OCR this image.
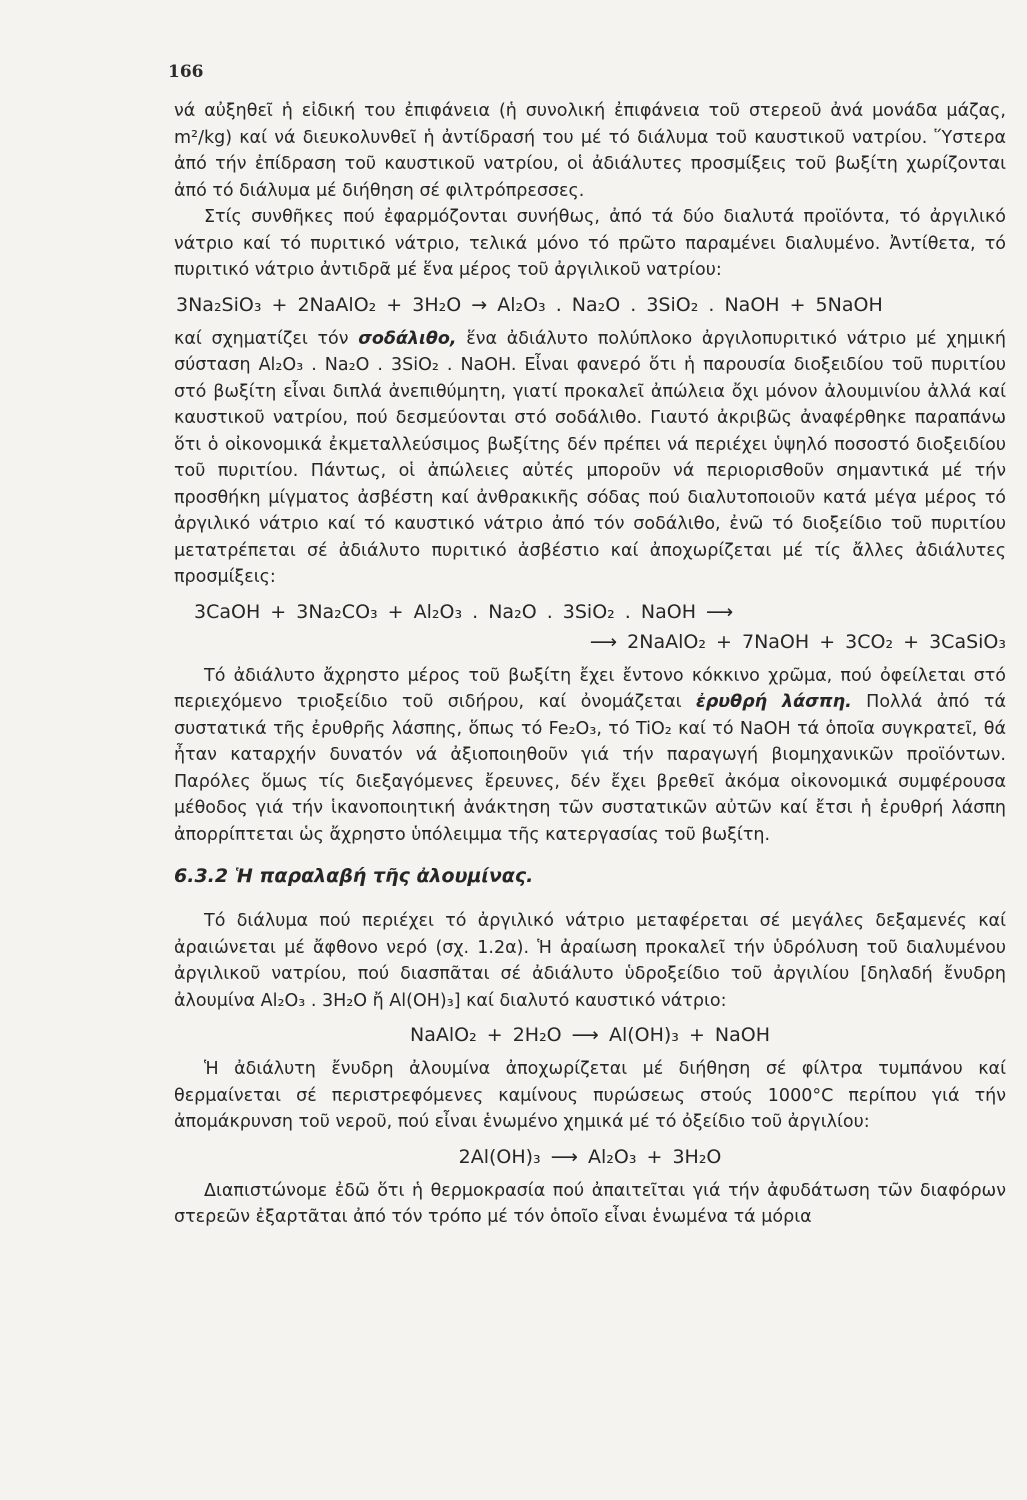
166

νά αὐξηθεῖ ἡ εἰδική του ἐπιφάνεια (ἡ συνολική ἐπιφάνεια τοῦ στερεοῦ ἀνά μονάδα μάζας, m²/kg) καί νά διευκολυνθεῖ ἡ ἀντίδρασή του μέ τό διάλυμα τοῦ καυστικοῦ νατρίου. Ὕστερα ἀπό τήν ἐπίδραση τοῦ καυστικοῦ νατρίου, οἱ ἀδιάλυτες προσμίξεις τοῦ βωξίτη χωρίζονται ἀπό τό διάλυμα μέ διήθηση σέ φιλτρόπρεσσες.

Στίς συνθῆκες πού ἐφαρμόζονται συνήθως, ἀπό τά δύο διαλυτά προϊόντα, τό ἀργιλικό νάτριο καί τό πυριτικό νάτριο, τελικά μόνο τό πρῶτο παραμένει διαλυμένο. Ἀντίθετα, τό πυριτικό νάτριο ἀντιδρᾶ μέ ἕνα μέρος τοῦ ἀργιλικοῦ νατρίου:

3Na₂SiO₃ + 2NaAlO₂ + 3H₂O → Al₂O₃ . Na₂O . 3SiO₂ . NaOH + 5NaOH

καί σχηματίζει τόν σοδάλιθο, ἕνα ἀδιάλυτο πολύπλοκο ἀργιλοπυριτικό νάτριο μέ χημική σύσταση Al₂O₃ . Na₂O . 3SiO₂ . NaOH. Εἶναι φανερό ὅτι ἡ παρουσία διοξειδίου τοῦ πυριτίου στό βωξίτη εἶναι διπλά ἀνεπιθύμητη, γιατί προκαλεῖ ἀπώλεια ὄχι μόνον ἀλουμινίου ἀλλά καί καυστικοῦ νατρίου, πού δεσμεύονται στό σοδάλιθο. Γιαυτό ἀκριβῶς ἀναφέρθηκε παραπάνω ὅτι ὁ οἰκονομικά ἐκμεταλλεύσιμος βωξίτης δέν πρέπει νά περιέχει ὑψηλό ποσοστό διοξειδίου τοῦ πυριτίου. Πάντως, οἱ ἀπώλειες αὐτές μποροῦν νά περιορισθοῦν σημαντικά μέ τήν προσθήκη μίγματος ἀσβέστη καί ἀνθρακικῆς σόδας πού διαλυτοποιοῦν κατά μέγα μέρος τό ἀργιλικό νάτριο καί τό καυστικό νάτριο ἀπό τόν σοδάλιθο, ἐνῶ τό διοξείδιο τοῦ πυριτίου μετατρέπεται σέ ἀδιάλυτο πυριτικό ἀσβέστιο καί ἀποχωρίζεται μέ τίς ἄλλες ἀδιάλυτες προσμίξεις:

3CaOH + 3Na₂CO₃ + Al₂O₃ . Na₂O . 3SiO₂ . NaOH ⟶
⟶ 2NaAlO₂ + 7NaOH + 3CO₂ + 3CaSiO₃

Τό ἀδιάλυτο ἄχρηστο μέρος τοῦ βωξίτη ἔχει ἔντονο κόκκινο χρῶμα, πού ὀφείλεται στό περιεχόμενο τριοξείδιο τοῦ σιδήρου, καί ὀνομάζεται ἐρυθρή λάσπη. Πολλά ἀπό τά συστατικά τῆς ἐρυθρῆς λάσπης, ὅπως τό Fe₂O₃, τό TiO₂ καί τό NaOH τά ὁποῖα συγκρατεῖ, θά ἦταν καταρχήν δυνατόν νά ἀξιοποιηθοῦν γιά τήν παραγωγή βιομηχανικῶν προϊόντων. Παρόλες ὅμως τίς διεξαγόμενες ἔρευνες, δέν ἔχει βρεθεῖ ἀκόμα οἰκονομικά συμφέρουσα μέθοδος γιά τήν ἱκανοποιητική ἀνάκτηση τῶν συστατικῶν αὐτῶν καί ἔτσι ἡ ἐρυθρή λάσπη ἀπορρίπτεται ὡς ἄχρηστο ὑπόλειμμα τῆς κατεργασίας τοῦ βωξίτη.

6.3.2 Ἡ παραλαβή τῆς ἀλουμίνας.

Τό διάλυμα πού περιέχει τό ἀργιλικό νάτριο μεταφέρεται σέ μεγάλες δεξαμενές καί ἀραιώνεται μέ ἄφθονο νερό (σχ. 1.2α). Ἡ ἀραίωση προκαλεῖ τήν ὑδρόλυση τοῦ διαλυμένου ἀργιλικοῦ νατρίου, πού διασπᾶται σέ ἀδιάλυτο ὑδροξείδιο τοῦ ἀργιλίου [δηλαδή ἔνυδρη ἀλουμίνα Al₂O₃ . 3H₂O ἤ Al(OH)₃] καί διαλυτό καυστικό νάτριο:

NaAlO₂ + 2H₂O ⟶ Al(OH)₃ + NaOH

Ἡ ἀδιάλυτη ἔνυδρη ἀλουμίνα ἀποχωρίζεται μέ διήθηση σέ φίλτρα τυμπάνου καί θερμαίνεται σέ περιστρεφόμενες καμίνους πυρώσεως στούς 1000°C περίπου γιά τήν ἀπομάκρυνση τοῦ νεροῦ, πού εἶναι ἑνωμένο χημικά μέ τό ὀξείδιο τοῦ ἀργιλίου:

2Al(OH)₃ ⟶ Al₂O₃ + 3H₂O

Διαπιστώνομε ἐδῶ ὅτι ἡ θερμοκρασία πού ἀπαιτεῖται γιά τήν ἀφυδάτωση τῶν διαφόρων στερεῶν ἐξαρτᾶται ἀπό τόν τρόπο μέ τόν ὁποῖο εἶναι ἑνωμένα τά μόρια
